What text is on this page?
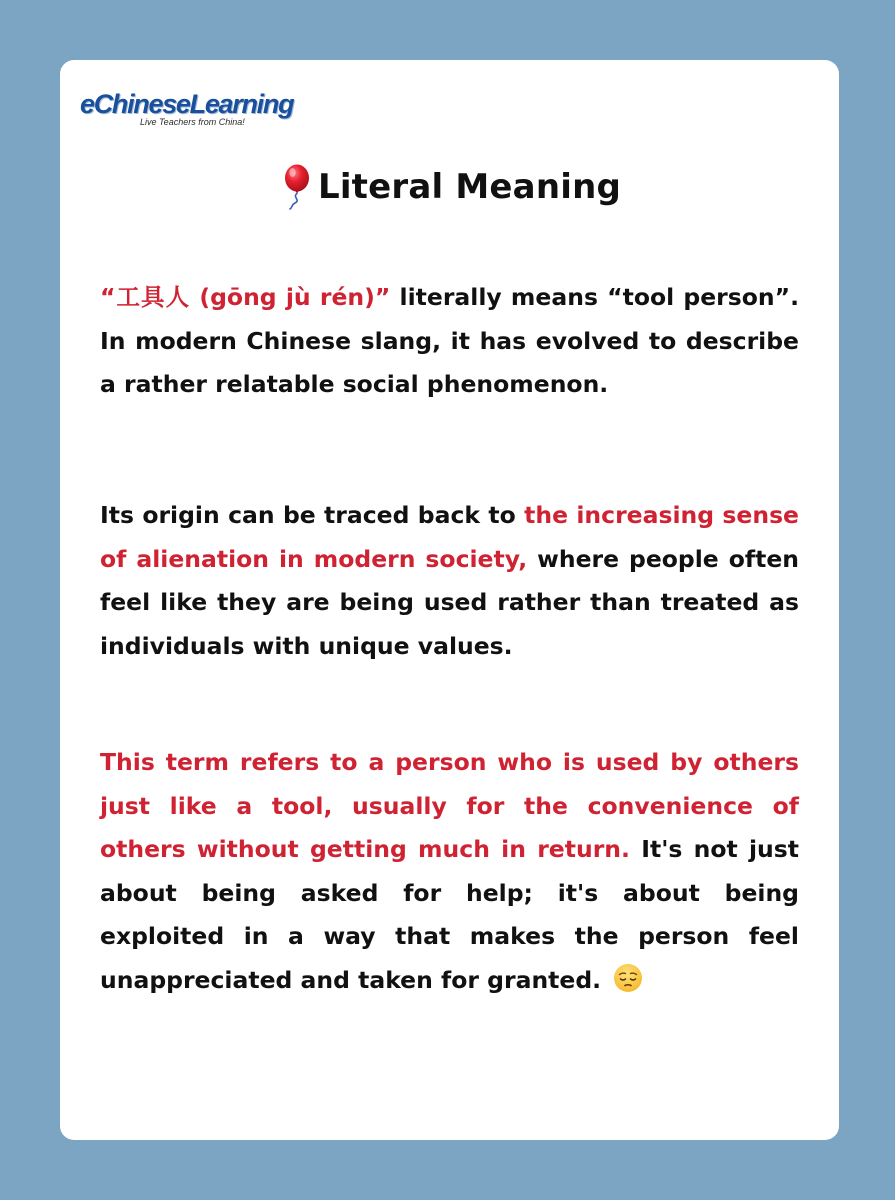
eChineseLearning
Live Teachers from China!
Literal Meaning

“工具人 (gōng jù rén)” literally means “tool person”. In modern Chinese slang, it has evolved to describe a rather relatable social phenomenon.

Its origin can be traced back to the increasing sense of alienation in modern society, where people often feel like they are being used rather than treated as individuals with unique values.

This term refers to a person who is used by others just like a tool, usually for the convenience of others without getting much in return. It's not just about being asked for help; it's about being exploited in a way that makes the person feel unappreciated and taken for granted.
